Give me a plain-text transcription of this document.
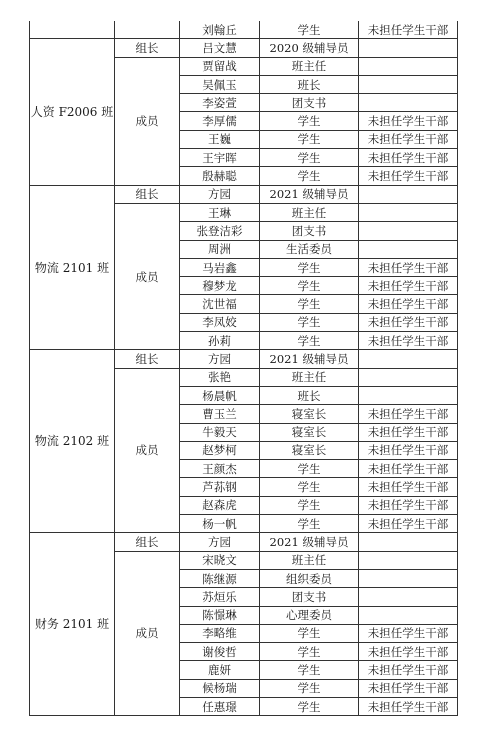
		刘翰丘	学生	未担任学生干部
人资 F2006 班	组长	吕文慧	2020 级辅导员	
	成员	贾留战	班主任	
		吴佩玉	班长	
		李姿萱	团支书	
		李厚儒	学生	未担任学生干部
		王巍	学生	未担任学生干部
		王宇晖	学生	未担任学生干部
		殷赫聪	学生	未担任学生干部
物流 2101 班	组长	方园	2021 级辅导员	
	成员	王琳	班主任	
		张登洁彩	团支书	
		周洲	生活委员	
		马岩鑫	学生	未担任学生干部
		穆梦龙	学生	未担任学生干部
		沈世福	学生	未担任学生干部
		李凤姣	学生	未担任学生干部
		孙莉	学生	未担任学生干部
物流 2102 班	组长	方园	2021 级辅导员	
	成员	张艳	班主任	
		杨晨帆	班长	
		曹玉兰	寝室长	未担任学生干部
		牛毅天	寝室长	未担任学生干部
		赵梦柯	寝室长	未担任学生干部
		王颜杰	学生	未担任学生干部
		芦荪钢	学生	未担任学生干部
		赵森虎	学生	未担任学生干部
		杨一帆	学生	未担任学生干部
财务 2101 班	组长	方园	2021 级辅导员	
	成员	宋晓文	班主任	
		陈继源	组织委员	
		苏烜乐	团支书	
		陈憬琳	心理委员	
		李略维	学生	未担任学生干部
		谢俊哲	学生	未担任学生干部
		鹿妍	学生	未担任学生干部
		候杨瑞	学生	未担任学生干部
		任惠璟	学生	未担任学生干部
